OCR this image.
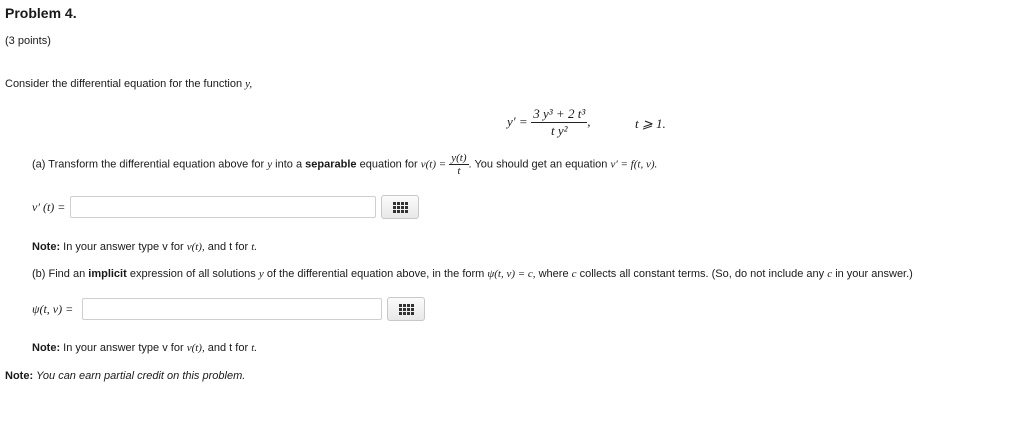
Problem 4.
(3 points)
Consider the differential equation for the function y,
$y' = \frac{\text{3 y³ + 2 t³}}{\text{t y²}}$ ,	t ⩾ 1.
(a) Transform the differential equation above for y into a separable equation for $v(t) = \frac{y(t)}{t}$ . You should get an equation v′ = f(t, v).
v′ (t) =
Note: In your answer type v for v(t), and t for t.
(b) Find an implicit expression of all solutions y of the differential equation above, in the form ψ(t, v) = c, where c collects all constant terms. (So, do not include any c in your answer.)
ψ(t, v) =
Note: In your answer type v for v(t), and t for t.
Note: You can earn partial credit on this problem.
